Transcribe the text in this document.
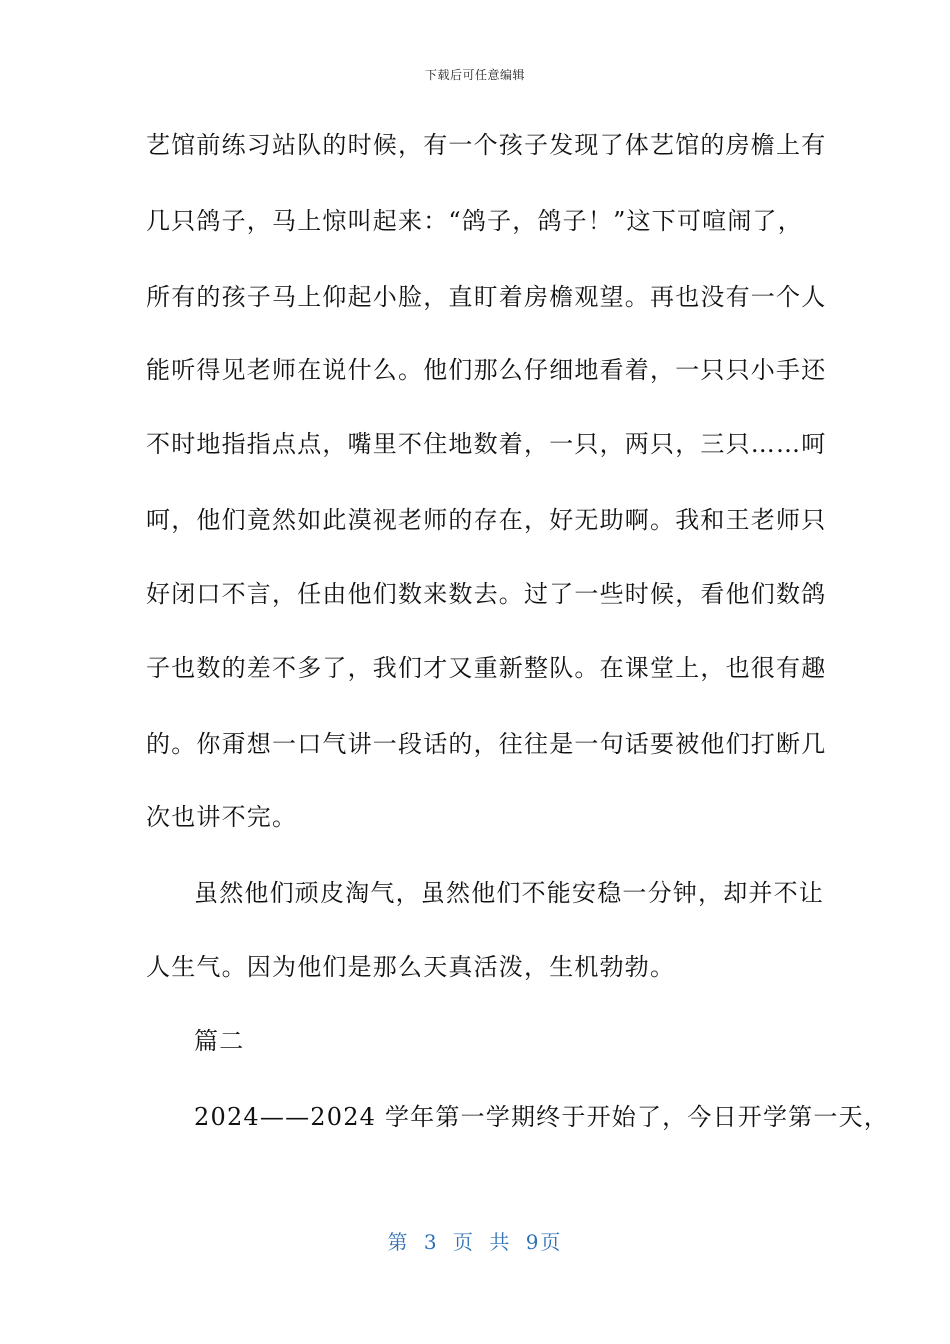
下载后可任意编辑
艺馆前练习站队的时候，有一个孩子发现了体艺馆的房檐上有
几只鸽子，马上惊叫起来：“鸽子，鸽子！”这下可喧闹了，
所有的孩子马上仰起小脸，直盯着房檐观望。再也没有一个人
能听得见老师在说什么。他们那么仔细地看着，一只只小手还
不时地指指点点，嘴里不住地数着，一只，两只，三只……呵
呵，他们竟然如此漠视老师的存在，好无助啊。我和王老师只
好闭口不言，任由他们数来数去。过了一些时候，看他们数鸽
子也数的差不多了，我们才又重新整队。在课堂上，也很有趣
的。你甭想一口气讲一段话的，往往是一句话要被他们打断几
次也讲不完。
虽然他们顽皮淘气，虽然他们不能安稳一分钟，却并不让
人生气。因为他们是那么天真活泼，生机勃勃。
篇二
2024——2024 学年第一学期终于开始了，今日开学第一天，
第 3 页 共 9页
